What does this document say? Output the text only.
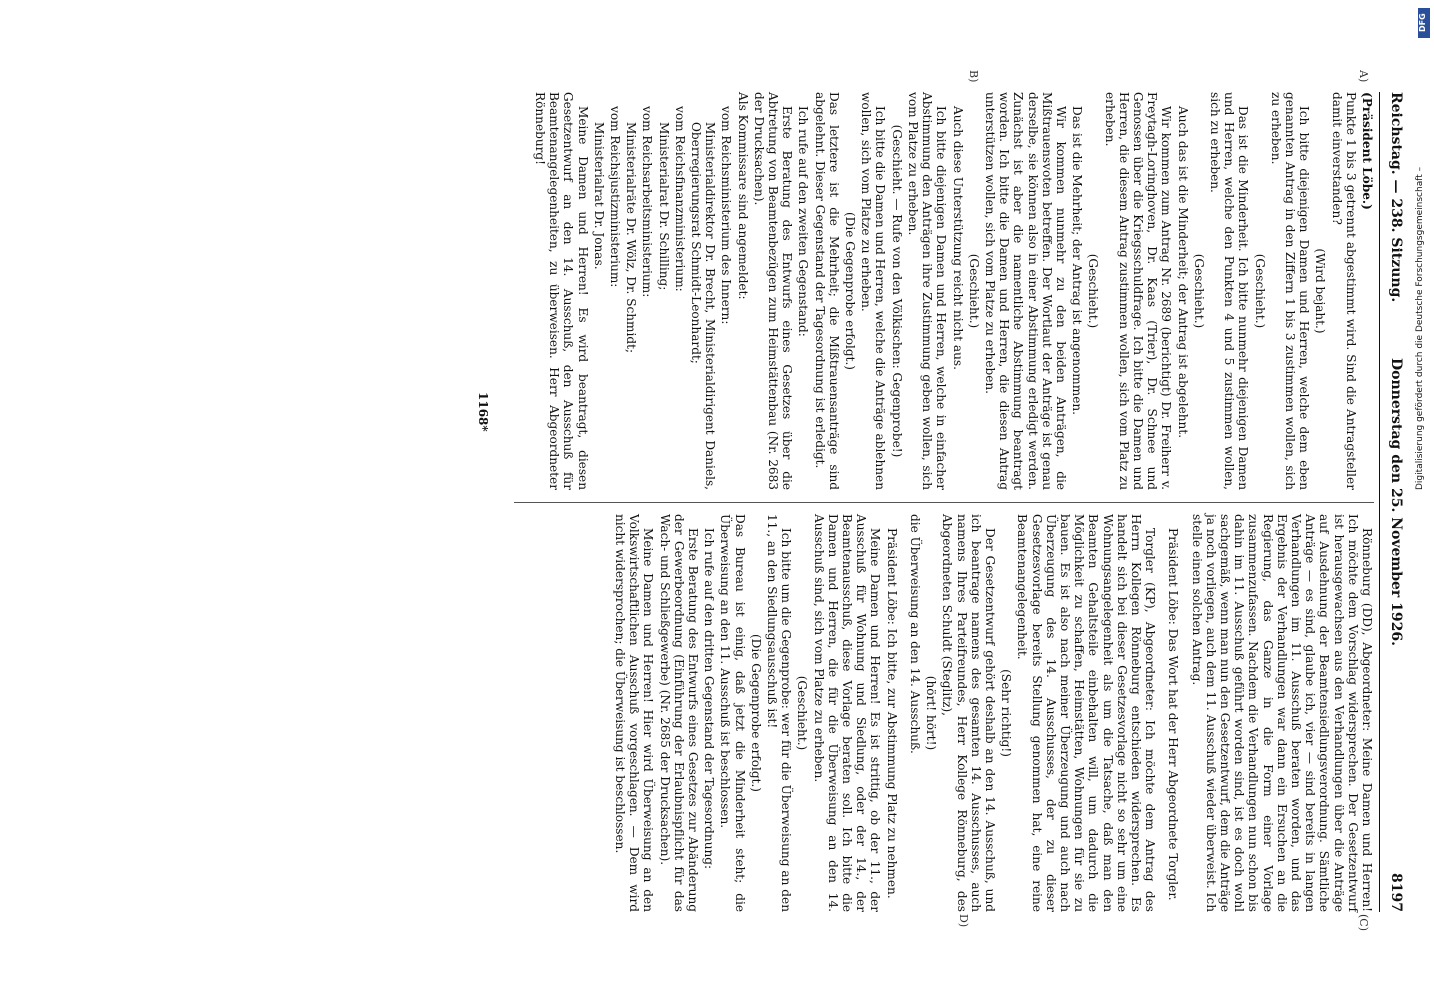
Reichstag. — 238. Sitzung.
Donnerstag den 25. November 1926.
8197

(Präsident Löbe.)

Punkte 1 bis 3 getrennt abgestimmt wird. Sind die Antragsteller damit einverstanden?

(Wird bejaht.)

Ich bitte diejenigen Damen und Herren, welche dem eben genannten Antrag in den Ziffern 1 bis 3 zustimmen wollen, sich zu erheben.

(Geschieht.)

Das ist die Minderheit. Ich bitte nunmehr diejenigen Damen und Herren, welche den Punkten 4 und 5 zustimmen wollen, sich zu erheben.

(Geschieht.)

Auch das ist die Minderheit; der Antrag ist abgelehnt.

Wir kommen zum Antrag Nr. 2689 (berichtigt) Dr. Freiherr v. Freytagh-Loringhoven, Dr. Kaas (Trier), Dr. Schnee und Genossen über die Kriegsschuldfrage. Ich bitte die Damen und Herren, die diesem Antrag zustimmen wollen, sich vom Platz zu erheben.

(Geschieht.)

Das ist die Mehrheit; der Antrag ist angenommen.

Wir kommen nunmehr zu den beiden Anträgen, die Mißtrauensvoten betreffen. Der Wortlaut der Anträge ist genau derselbe, sie können also in einer Abstimmung erledigt werden. Zunächst ist aber die namentliche Abstimmung beantragt worden. Ich bitte die Damen und Herren, die diesen Antrag unterstützen wollen, sich vom Platze zu erheben.

(Geschieht.)

Auch diese Unterstützung reicht nicht aus.

Ich bitte diejenigen Damen und Herren, welche in einfacher Abstimmung den Anträgen ihre Zustimmung geben wollen, sich vom Platze zu erheben.

(Geschieht. — Rufe von den Völkischen: Gegenprobe!)

Ich bitte die Damen und Herren, welche die Anträge ablehnen wollen, sich vom Platze zu erheben.

(Die Gegenprobe erfolgt.)

Das letztere ist die Mehrheit; die Mißtrauensanträge sind abgelehnt. Dieser Gegenstand der Tagesordnung ist erledigt.

Ich rufe auf den zweiten Gegenstand:

Erste Beratung des Entwurfs eines Gesetzes über die Abtretung von Beamtenbezügen zum Heimstättenbau (Nr. 2683 der Drucksachen).

Als Kommissare sind angemeldet:

vom Reichsministerium des Innern:

Ministerialdirektor Dr. Brecht, Ministerialdirigent Daniels, Oberregierungsrat Schmidt-Leonhardt;

vom Reichsfinanzministerium:

Ministerialrat Dr. Schilling;

vom Reichsarbeitsministerium:

Ministerialräte Dr. Wölz, Dr. Schmidt;

vom Reichsjustizministerium:

Ministerialrat Dr. Jonas.

Meine Damen und Herren! Es wird beantragt, diesen Gesetzentwurf an den 14. Ausschuß, den Ausschuß für Beamtenangelegenheiten, zu überweisen. Herr Abgeordneter Rönneburg!

Rönneburg (DD), Abgeordneter: Meine Damen und Herren! Ich möchte dem Vorschlag widersprechen. Der Gesetzentwurf ist herausgewachsen aus den Verhandlungen über die Anträge auf Ausdehnung der Beamtensiedlungsverordnung. Sämtliche Anträge — es sind, glaube ich, vier — sind bereits in langen Verhandlungen im 11. Ausschuß beraten worden, und das Ergebnis der Verhandlungen war dann ein Ersuchen an die Regierung, das Ganze in die Form einer Vorlage zusammenzufassen. Nachdem die Verhandlungen nun schon bis dahin im 11. Ausschuß geführt worden sind, ist es doch wohl sachgemäß, wenn man nun den Gesetzentwurf, dem die Anträge ja noch vorliegen, auch dem 11. Ausschuß wieder überweist. Ich stelle einen solchen Antrag.

Präsident Löbe: Das Wort hat der Herr Abgeordnete Torgler.

Torgler (KP), Abgeordneter: Ich möchte dem Antrag des Herrn Kollegen Rönneburg entschieden widersprechen. Es handelt sich bei dieser Gesetzesvorlage nicht so sehr um eine Wohnungsangelegenheit als um die Tatsache, daß man den Beamten Gehaltsteile einbehalten will, um dadurch die Möglichkeit zu schaffen, Heimstätten, Wohnungen für sie zu bauen. Es ist also nach meiner Überzeugung und auch nach Überzeugung des 14. Ausschusses, der zu dieser Gesetzesvorlage bereits Stellung genommen hat, eine reine Beamtenangelegenheit.

(Sehr richtig!)

Der Gesetzentwurf gehört deshalb an den 14. Ausschuß, und ich beantrage namens des gesamten 14. Ausschusses, auch namens Ihres Parteifreundes, Herr Kollege Rönneburg, des Abgeordneten Schuldt (Steglitz),

(hört! hört!)

die Überweisung an den 14. Ausschuß.

Präsident Löbe: Ich bitte, zur Abstimmung Platz zu nehmen.

Meine Damen und Herren! Es ist strittig, ob der 11., der Ausschuß für Wohnung und Siedlung, oder der 14., der Beamtenausschuß, diese Vorlage beraten soll. Ich bitte die Damen und Herren, die für die Überweisung an den 14. Ausschuß sind, sich vom Platze zu erheben.

(Geschieht.)

Ich bitte um die Gegenprobe: wer für die Überweisung an den 11., an den Siedlungsausschuß ist!

(Die Gegenprobe erfolgt.)

Das Bureau ist einig, daß jetzt die Minderheit steht; die Überweisung an den 11. Ausschuß ist beschlossen.

Ich rufe auf den dritten Gegenstand der Tagesordnung:

Erste Beratung des Entwurfs eines Gesetzes zur Abänderung der Gewerbeordnung (Einführung der Erlaubnispflicht für das Wach- und Schließgewerbe) (Nr. 2685 der Drucksachen).

Meine Damen und Herren! Hier wird Überweisung an den Volkswirtschaftlichen Ausschuß vorgeschlagen. — Dem wird nicht widersprochen; die Überweisung ist beschlossen.

A)
B)
(C)
D)
1168*
DFG
Digitalisierung gefördert durch die Deutsche Forschungsgemeinschaft –
